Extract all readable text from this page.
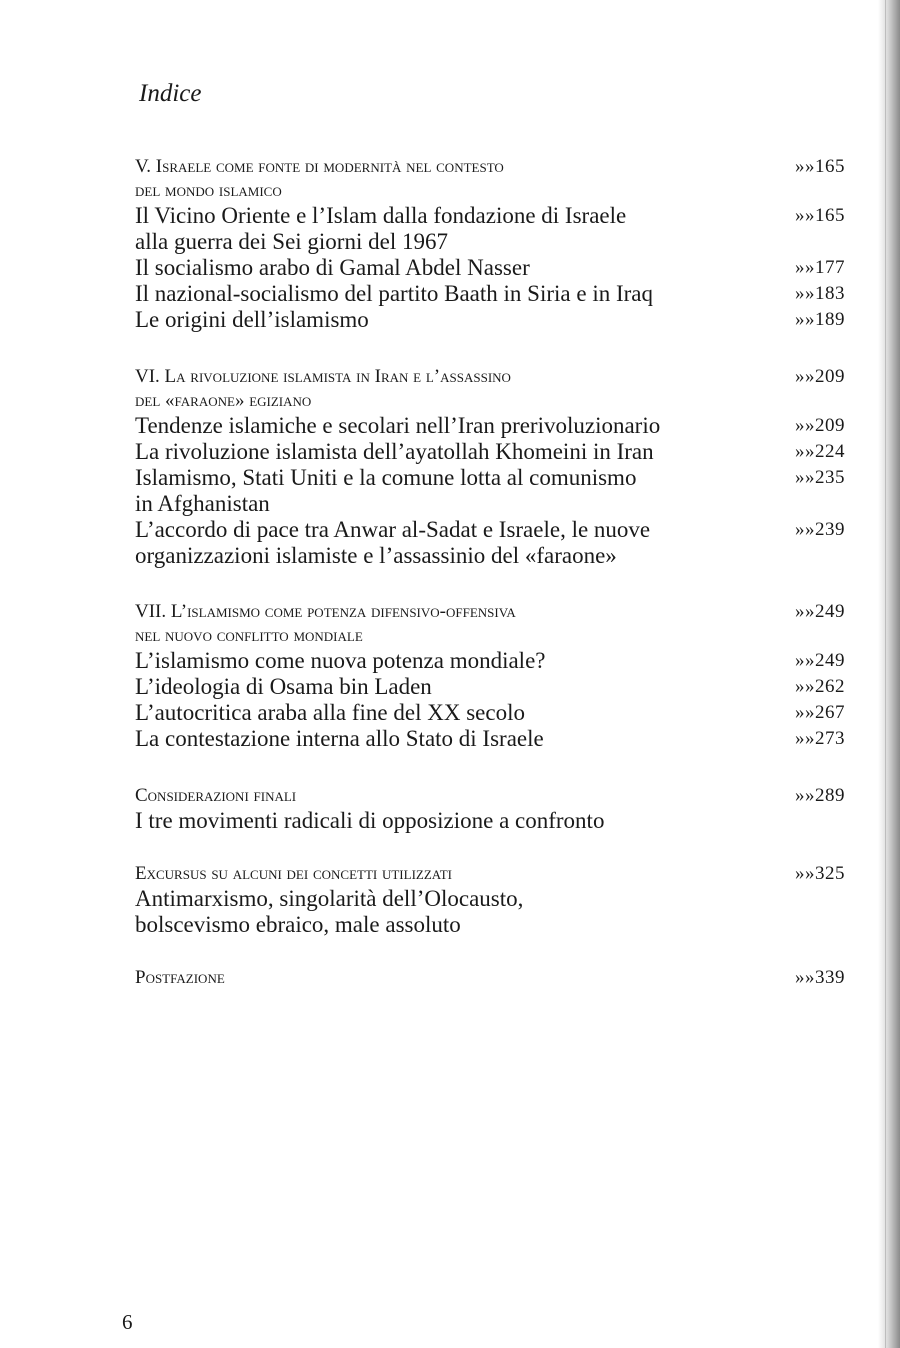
Indice
V. Israele come fonte di modernità nel contesto	»»165
del mondo islamico
Il Vicino Oriente e l’Islam dalla fondazione di Israele	»»165
alla guerra dei Sei giorni del 1967
Il socialismo arabo di Gamal Abdel Nasser	»»177
Il nazional-socialismo del partito Baath in Siria e in Iraq	»»183
Le origini dell’islamismo	»»189
VI. La rivoluzione islamista in Iran e l’assassino	»»209
del «faraone» egiziano
Tendenze islamiche e secolari nell’Iran prerivoluzionario	»»209
La rivoluzione islamista dell’ayatollah Khomeini in Iran	»»224
Islamismo, Stati Uniti e la comune lotta al comunismo	»»235
in Afghanistan
L’accordo di pace tra Anwar al-Sadat e Israele, le nuove	»»239
organizzazioni islamiste e l’assassinio del «faraone»
VII. L’islamismo come potenza difensivo-offensiva	»»249
nel nuovo conflitto mondiale
L’islamismo come nuova potenza mondiale?	»»249
L’ideologia di Osama bin Laden	»»262
L’autocritica araba alla fine del XX secolo	»»267
La contestazione interna allo Stato di Israele	»»273
Considerazioni finali	»»289
I tre movimenti radicali di opposizione a confronto
Excursus su alcuni dei concetti utilizzati	»»325
Antimarxismo, singolarità dell’Olocausto,
bolscevismo ebraico, male assoluto
Postfazione	»»339
6
